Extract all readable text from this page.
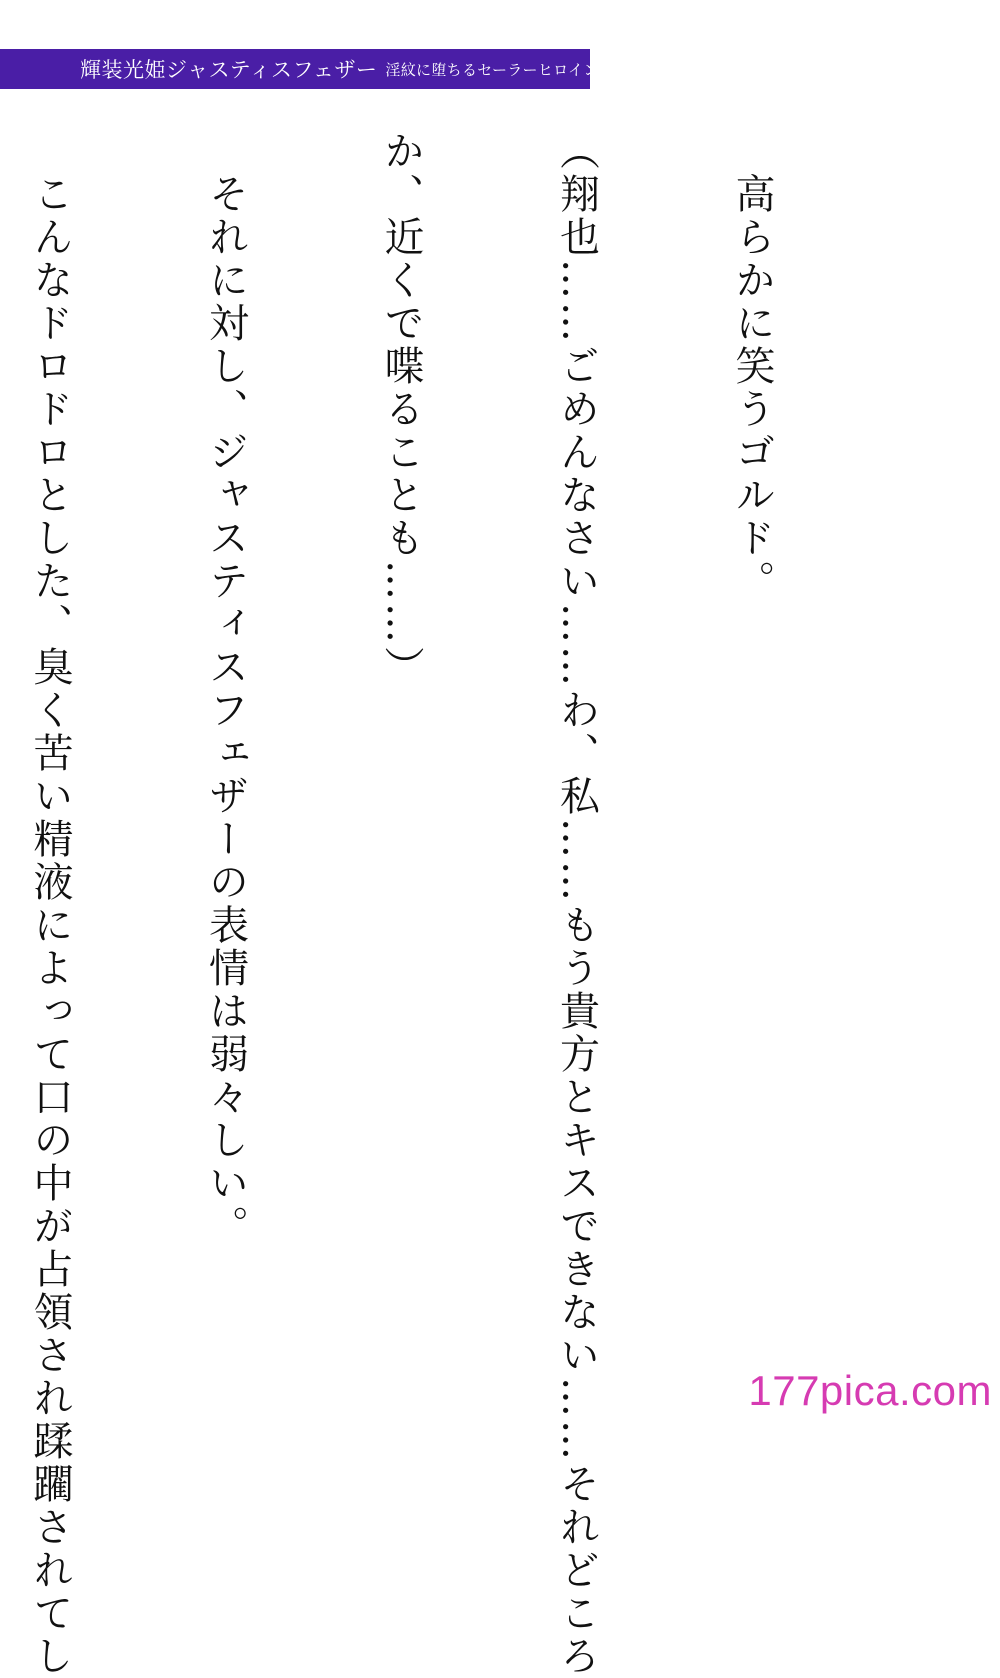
輝装光姫ジャスティスフェザー 淫紋に堕ちるセーラーヒロイン

　高らかに笑うゴルド。

（翔也……ごめんなさい……わ、私……もう貴方とキスできない……それどころ

か、近くで喋ることも……）

　それに対し、ジャスティスフェザーの表情は弱々しい。

　こんなドロドロとした、臭く苦い精液によって口の中が占領され蹂躙されてし

	177pica.com
